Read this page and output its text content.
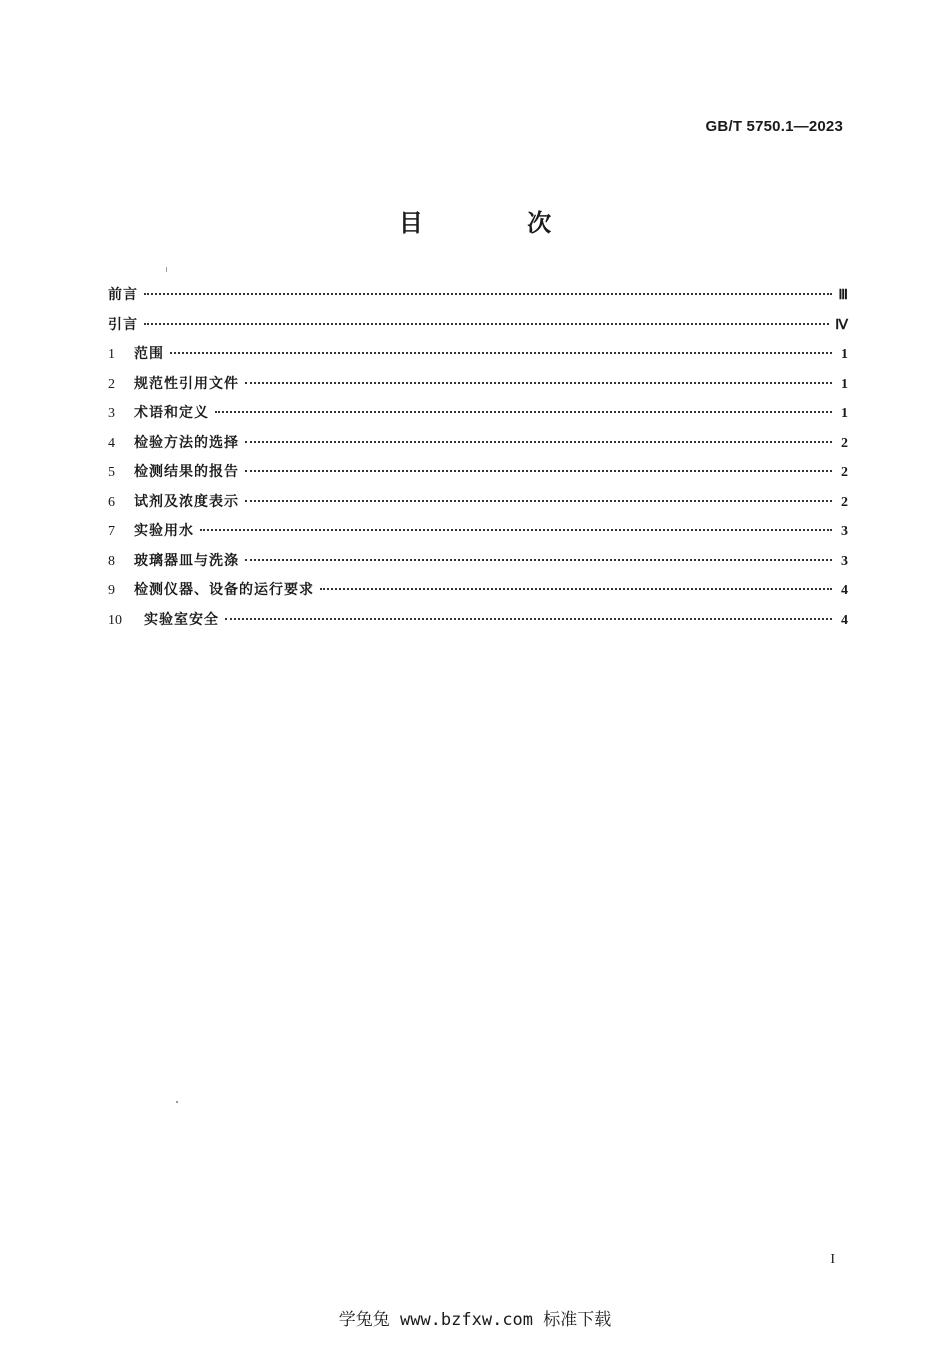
GB/T 5750.1—2023
目 次
前言	Ⅲ
引言	Ⅳ
1	范围	1
2	规范性引用文件	1
3	术语和定义	1
4	检验方法的选择	2
5	检测结果的报告	2
6	试剂及浓度表示	2
7	实验用水	3
8	玻璃器皿与洗涤	3
9	检测仪器、设备的运行要求	4
10	实验室安全	4
I
学兔兔 www.bzfxw.com 标准下载
